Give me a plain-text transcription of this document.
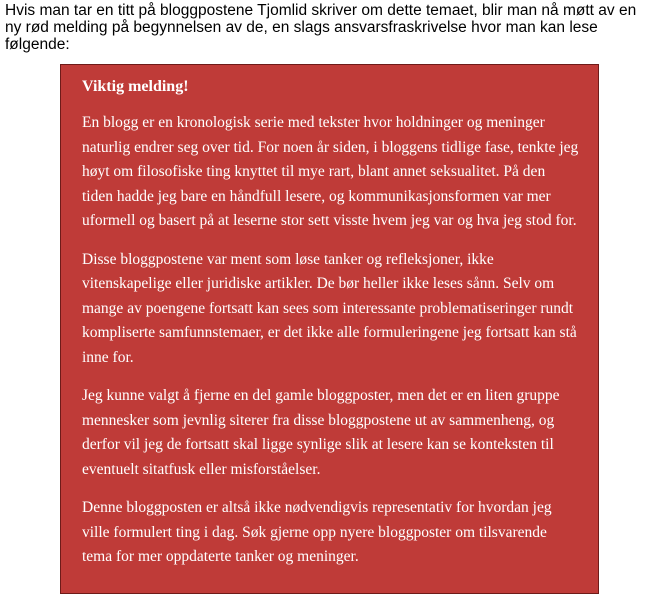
Hvis man tar en titt på bloggpostene Tjomlid skriver om dette temaet, blir man nå møtt av en ny rød melding på begynnelsen av de, en slags ansvarsfraskrivelse hvor man kan lese følgende:

Viktig melding!

En blogg er en kronologisk serie med tekster hvor holdninger og meninger naturlig endrer seg over tid. For noen år siden, i bloggens tidlige fase, tenkte jeg høyt om filosofiske ting knyttet til mye rart, blant annet seksualitet. På den tiden hadde jeg bare en håndfull lesere, og kommunikasjonsformen var mer uformell og basert på at leserne stor sett visste hvem jeg var og hva jeg stod for.

Disse bloggpostene var ment som løse tanker og refleksjoner, ikke vitenskapelige eller juridiske artikler. De bør heller ikke leses sånn. Selv om mange av poengene fortsatt kan sees som interessante problematiseringer rundt kompliserte samfunnstemaer, er det ikke alle formuleringene jeg fortsatt kan stå inne for.

Jeg kunne valgt å fjerne en del gamle bloggposter, men det er en liten gruppe mennesker som jevnlig siterer fra disse bloggpostene ut av sammenheng, og derfor vil jeg de fortsatt skal ligge synlige slik at lesere kan se konteksten til eventuelt sitatfusk eller misforståelser.

Denne bloggposten er altså ikke nødvendigvis representativ for hvordan jeg ville formulert ting i dag. Søk gjerne opp nyere bloggposter om tilsvarende tema for mer oppdaterte tanker og meninger.
